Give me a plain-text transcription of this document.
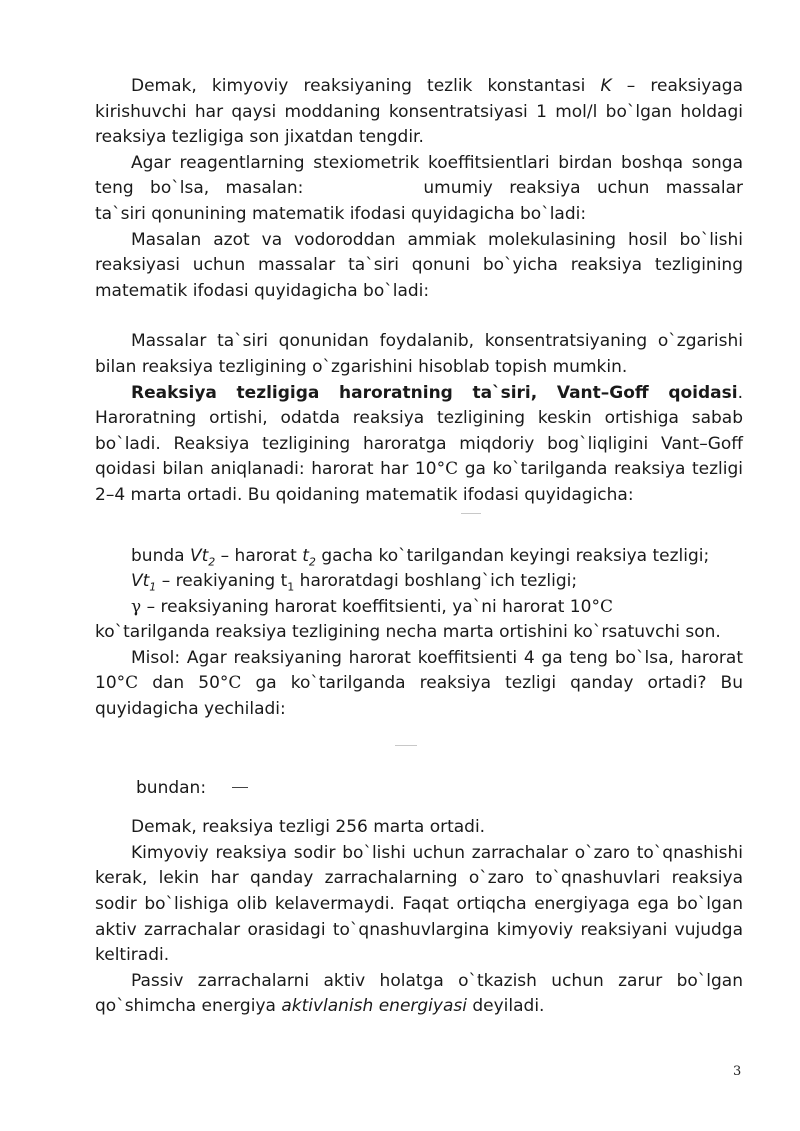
Demak, kimyoviy reaksiyaning tezlik konstantasi K – reaksiyaga kirishuvchi har qaysi moddaning konsentratsiyasi 1 mol/l bo`lgan holdagi reaksiya tezligiga son jixatdan tengdir.

Agar reagentlarning stexiometrik koeffitsientlari birdan boshqa songa teng bo`lsa, masalan:	umumiy reaksiya uchun massalar ta`siri qonunining matematik ifodasi quyidagicha bo`ladi:

Masalan azot va vodoroddan ammiak molekulasining hosil bo`lishi reaksiyasi uchun massalar ta`siri qonuni bo`yicha reaksiya tezligining matematik ifodasi quyidagicha bo`ladi:

Massalar ta`siri qonunidan foydalanib, konsentratsiyaning o`zgarishi bilan reaksiya tezligining o`zgarishini hisoblab topish mumkin.

Reaksiya tezligiga haroratning ta`siri, Vant–Goff qoidasi. Haroratning ortishi, odatda reaksiya tezligining keskin ortishiga sabab bo`ladi. Reaksiya tezligining haroratga miqdoriy bog`liqligini Vant–Goff qoidasi bilan aniqlanadi: harorat har 10°C ga ko`tarilganda reaksiya tezligi 2–4 marta ortadi. Bu qoidaning matematik ifodasi quyidagicha:

bunda $Vt_2$ – harorat $t_2$ gacha ko`tarilgandan keyingi reaksiya tezligi;

$Vt_1$ – reakiyaning $t_1$ haroratdagi boshlang`ich tezligi;

γ – reaksiyaning harorat koeffitsienti, ya`ni harorat 10°C

ko`tarilganda reaksiya tezligining necha marta ortishini ko`rsatuvchi son.

Misol: Agar reaksiyaning harorat koeffitsienti 4 ga teng bo`lsa, harorat 10°C dan 50°C ga ko`tarilganda reaksiya tezligi qanday ortadi? Bu quyidagicha yechiladi:

bundan:

Demak, reaksiya tezligi 256 marta ortadi.

Kimyoviy reaksiya sodir bo`lishi uchun zarrachalar o`zaro to`qnashishi kerak, lekin har qanday zarrachalarning o`zaro to`qnashuvlari reaksiya sodir bo`lishiga olib kelavermaydi. Faqat ortiqcha energiyaga ega bo`lgan aktiv zarrachalar orasidagi to`qnashuvlargina kimyoviy reaksiyani vujudga keltiradi.

Passiv zarrachalarni aktiv holatga o`tkazish uchun zarur bo`lgan qo`shimcha energiya aktivlanish energiyasi deyiladi.

3
